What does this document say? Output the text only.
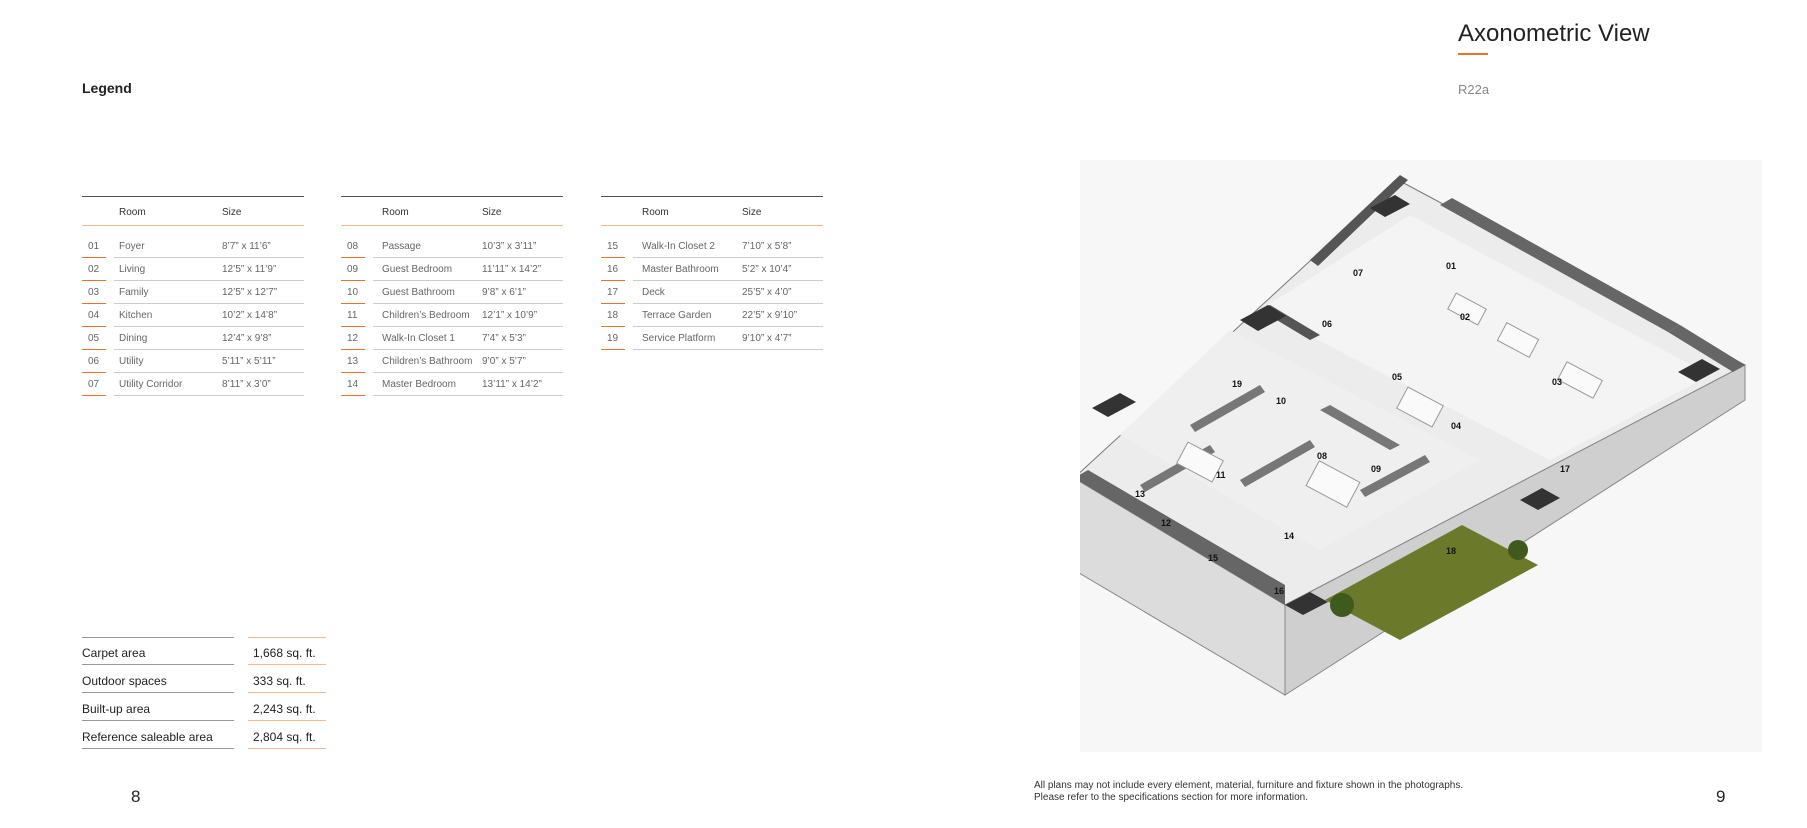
Legend
Axonometric View
R22a
Room	Size
01 Foyer	8’7” x 11’6”
02 Living	12’5” x 11’9”
03 Family	12’5” x 12’7”
04 Kitchen	10’2” x 14’8”
05 Dining	12’4” x 9’8”
06 Utility	5’11” x 5’11”
07 Utility Corridor	8’11” x 3’0”
Room	Size
08 Passage	10’3” x 3’11”
09 Guest Bedroom	11’11” x 14’2”
10 Guest Bathroom	9’8” x 6’1”
11 Children’s Bedroom 12’1” x 10’9”
12 Walk-In Closet 1	7’4” x 5’3”
13 Children’s Bathroom 9’0” x 5’7”
14 Master Bedroom	13’11” x 14’2”
Room	Size
15 Walk-In Closet 2	7’10” x 5’8”
16 Master Bathroom 5’2” x 10’4”
17 Deck	25’5” x 4’0”
18 Terrace Garden	22’5” x 9’10”
19 Service Platform	9’10” x 4’7”
Carpet area	1,668 sq. ft.
Outdoor spaces	333 sq. ft.
Built-up area	2,243 sq. ft.
Reference saleable area	2,804 sq. ft.
01
02
03
04
05
06
07
08
09
10
11
12
13
14
15
16
17
18
19
8	9
All plans may not include every element, material, furniture and fixture shown in the photographs.
Please refer to the specifications section for more information.
